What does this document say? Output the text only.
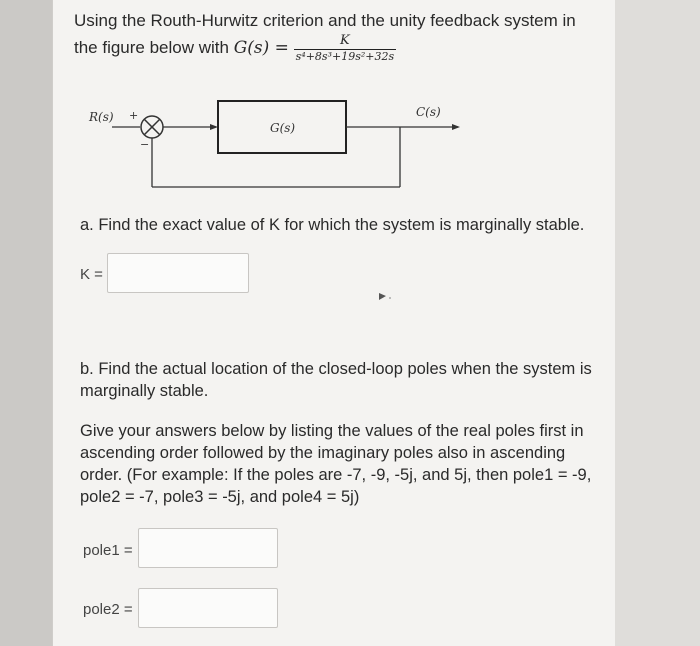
Using the Routh-Hurwitz criterion and the unity feedback system in
the figure below with $G(s) = \frac{K}{\text{s⁴+8s³+19s²+32s}}$
R(s) +
−
G(s)
C(s)
a. Find the exact value of K for which the system is marginally stable.
K =
b. Find the actual location of the closed-loop poles when the system is marginally stable.
Give your answers below by listing the values of the real poles first in ascending order followed by the imaginary poles also in ascending order. (For example: If the poles are -7, -9, -5j, and 5j, then pole1 = -9, pole2 = -7, pole3 = -5j, and pole4 = 5j)
pole1 =
pole2 =
